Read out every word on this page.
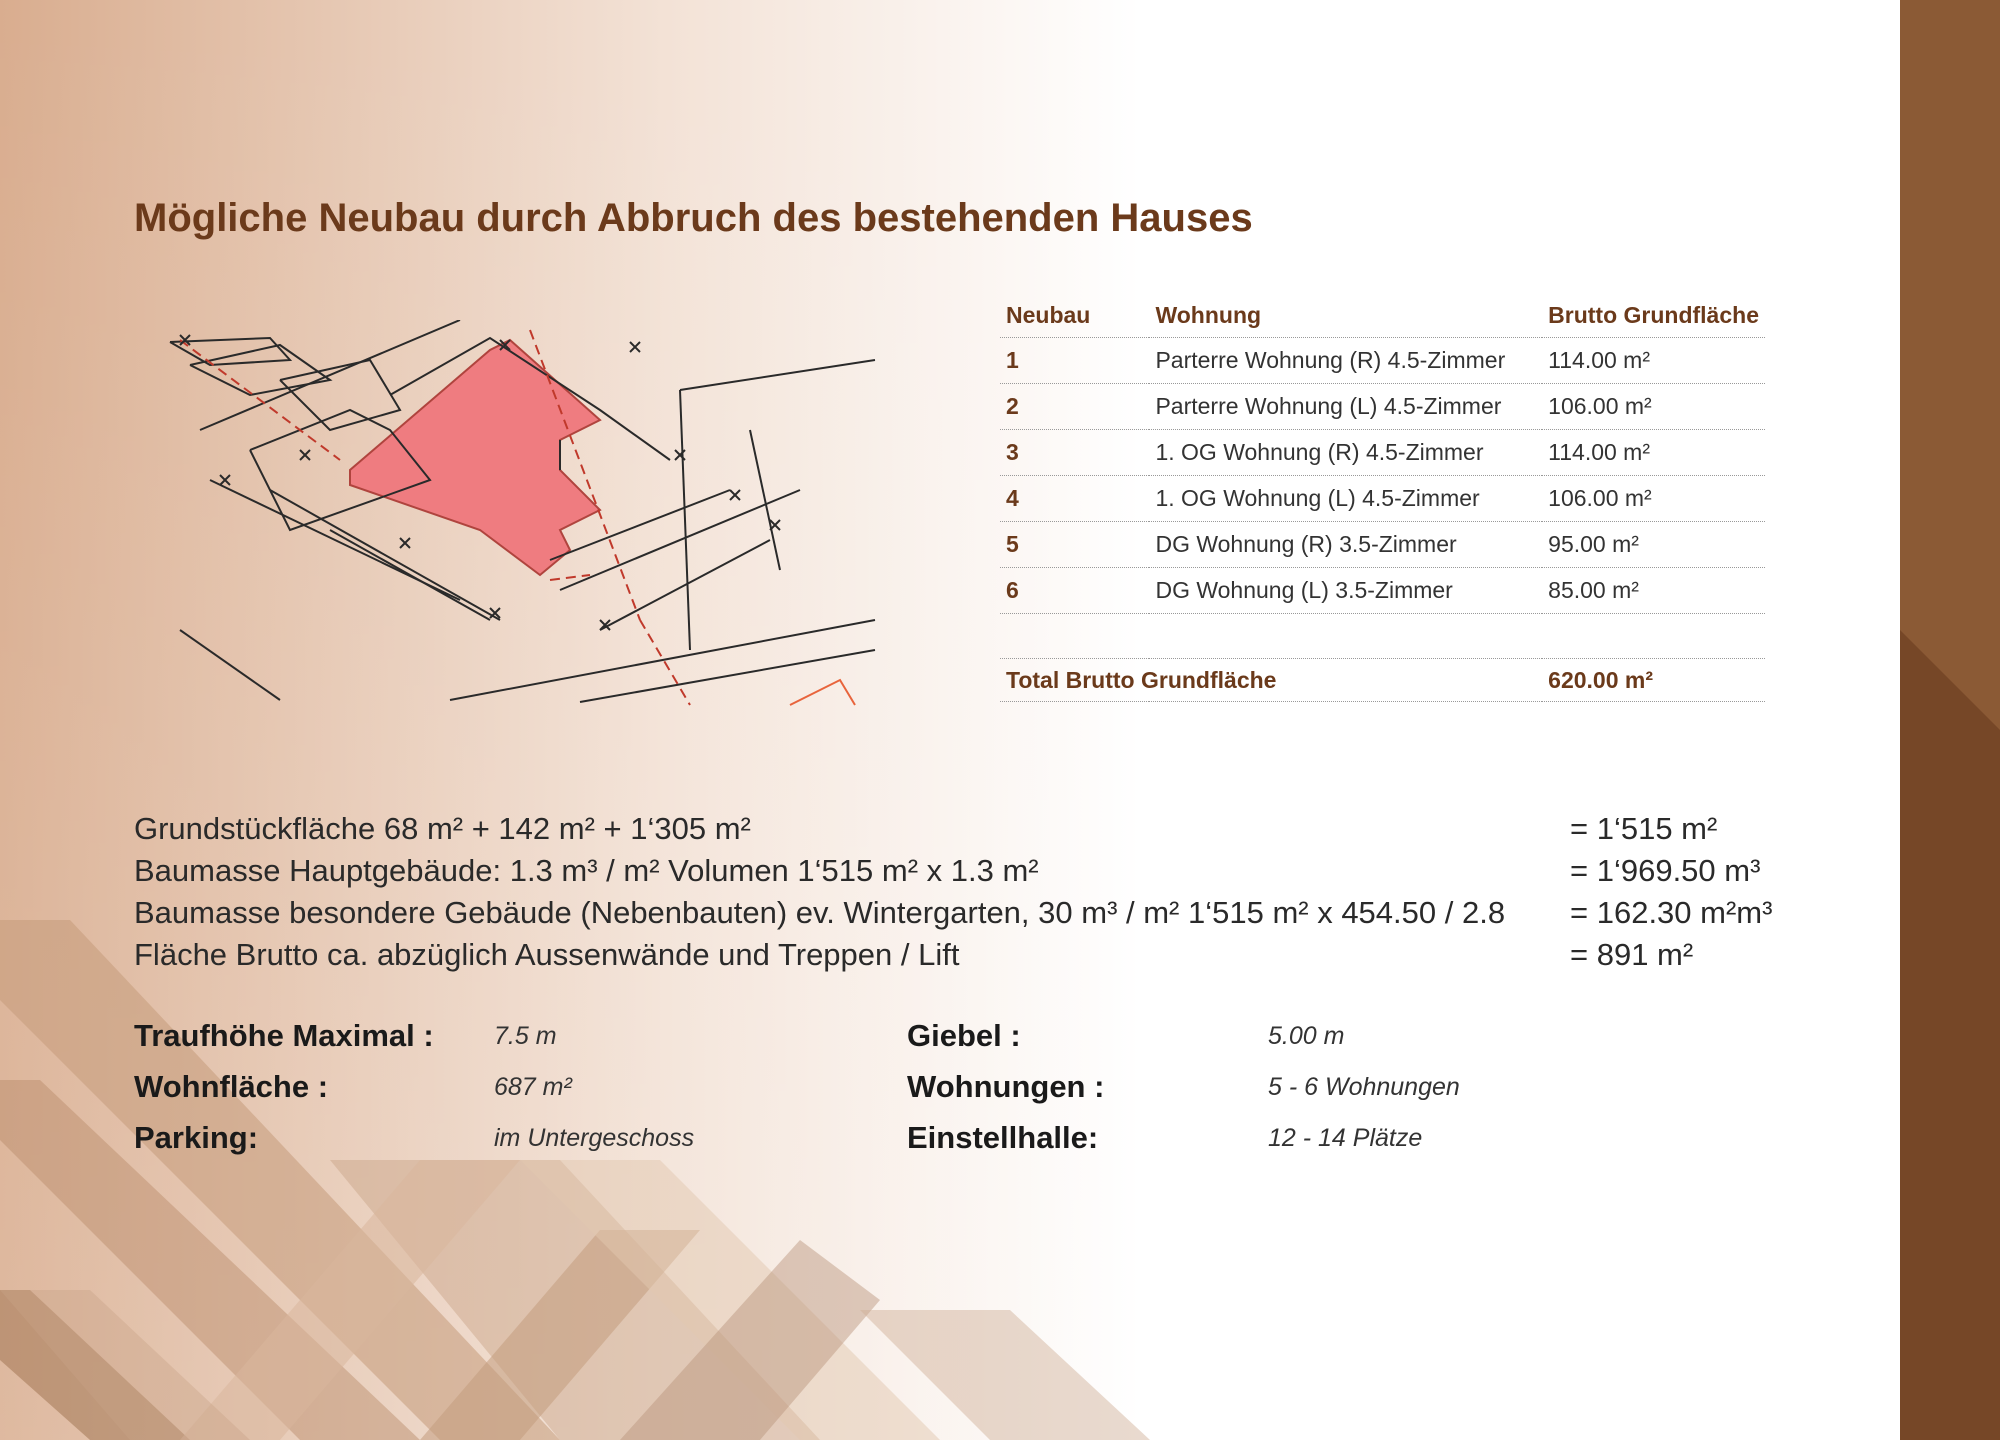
Mögliche Neubau durch Abbruch des bestehenden Hauses
Neubau	Wohnung	Brutto Grundfläche
1	Parterre Wohnung (R) 4.5-Zimmer	114.00 m²
2	Parterre Wohnung (L) 4.5-Zimmer	106.00 m²
3	1. OG Wohnung (R) 4.5-Zimmer	114.00 m²
4	1. OG Wohnung (L) 4.5-Zimmer	106.00 m²
5	DG Wohnung (R) 3.5-Zimmer	95.00 m²
6	DG Wohnung (L) 3.5-Zimmer	85.00 m²

Total Brutto Grundfläche		620.00 m²
Grundstückfläche 68 m² + 142 m² + 1‘305 m²	= 1‘515 m²
Baumasse Hauptgebäude: 1.3 m³ / m² Volumen 1‘515 m² x 1.3 m²	= 1‘969.50 m³
Baumasse besondere Gebäude (Nebenbauten) ev. Wintergarten, 30 m³ / m² 1‘515 m² x 454.50 / 2.8 = 162.30 m²m³
Fläche Brutto ca. abzüglich Aussenwände und Treppen / Lift	= 891 m²
Traufhöhe Maximal : 7.5 m
Wohnfläche :	687 m²
Parking:	im Untergeschoss
Giebel :	5.00 m
Wohnungen :	5 - 6 Wohnungen
Einstellhalle:	12 - 14 Plätze
